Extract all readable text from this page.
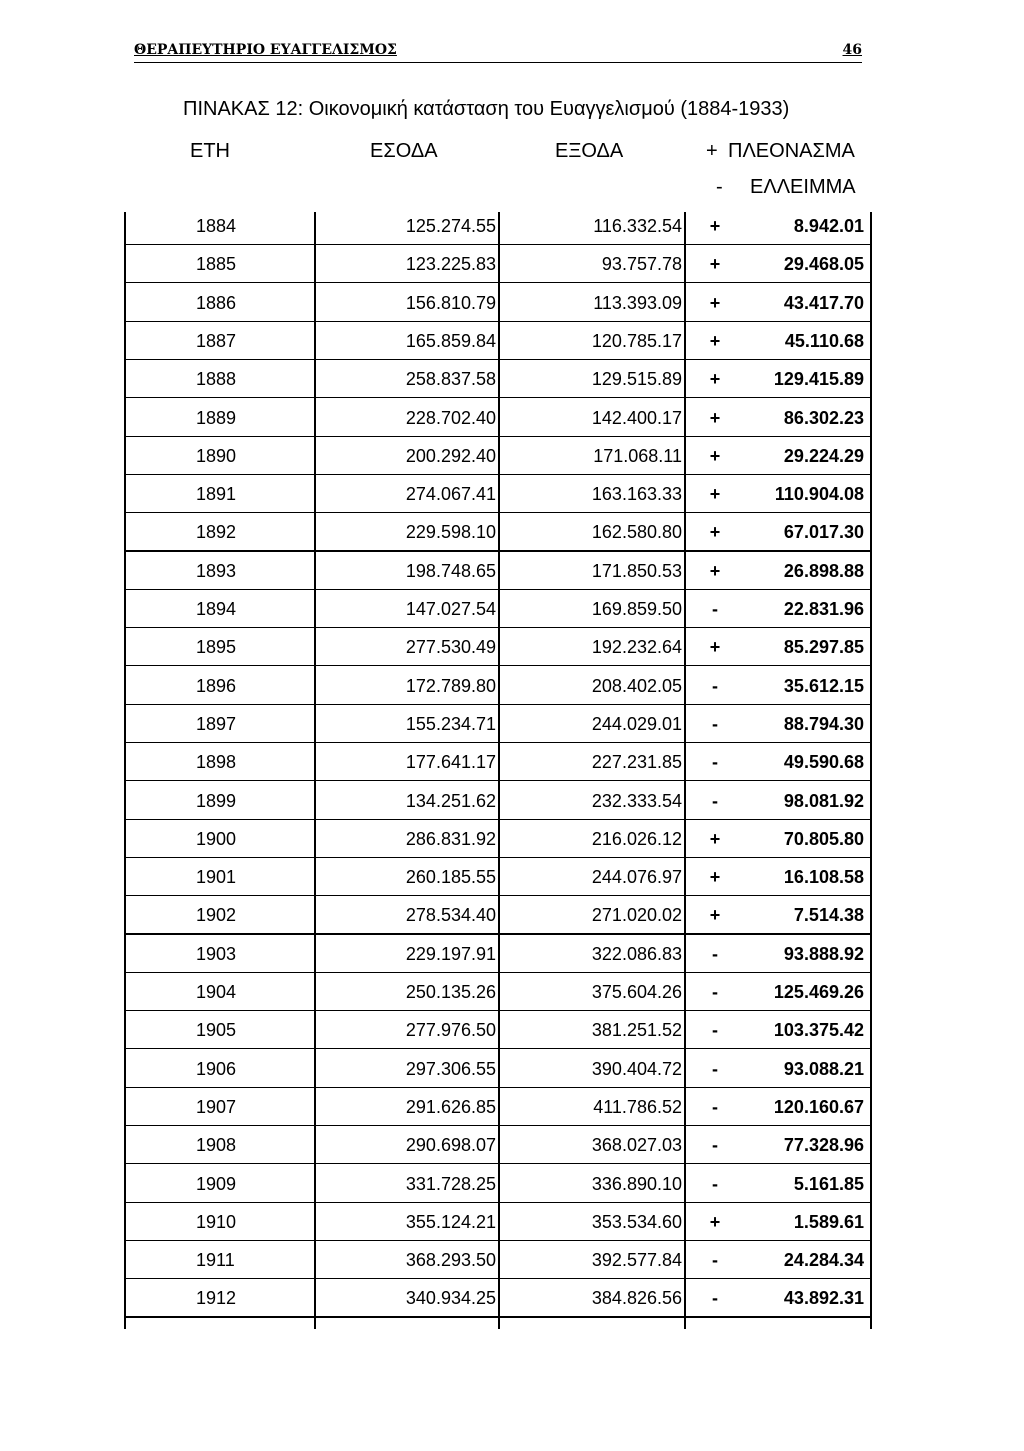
ΘΕΡΑΠΕΥΤΗΡΙΟ ΕΥΑΓΓΕΛΙΣΜΟΣ	46
ΠΙΝΑΚΑΣ 12: Οικονομική κατάσταση του Ευαγγελισμού (1884-1933)
ΕΤΗ	ΕΣΟΔΑ	ΕΞΟΔΑ	+ ΠΛΕΟΝΑΣΜΑ
- ΕΛΛΕΙΜΜΑ
1884	125.274.55	116.332.54 +	8.942.01
1885	123.225.83	93.757.78 +	29.468.05
1886	156.810.79	113.393.09 +	43.417.70
1887	165.859.84	120.785.17 +	45.110.68
1888	258.837.58	129.515.89 +	129.415.89
1889	228.702.40	142.400.17 +	86.302.23
1890	200.292.40	171.068.11 +	29.224.29
1891	274.067.41	163.163.33 +	110.904.08
1892	229.598.10	162.580.80 +	67.017.30
1893	198.748.65	171.850.53 +	26.898.88
1894	147.027.54	169.859.50 -	22.831.96
1895	277.530.49	192.232.64 +	85.297.85
1896	172.789.80	208.402.05 -	35.612.15
1897	155.234.71	244.029.01 -	88.794.30
1898	177.641.17	227.231.85 -	49.590.68
1899	134.251.62	232.333.54 -	98.081.92
1900	286.831.92	216.026.12 +	70.805.80
1901	260.185.55	244.076.97 +	16.108.58
1902	278.534.40	271.020.02 +	7.514.38
1903	229.197.91	322.086.83 -	93.888.92
1904	250.135.26	375.604.26 -	125.469.26
1905	277.976.50	381.251.52 -	103.375.42
1906	297.306.55	390.404.72 -	93.088.21
1907	291.626.85	411.786.52 -	120.160.67
1908	290.698.07	368.027.03 -	77.328.96
1909	331.728.25	336.890.10 -	5.161.85
1910	355.124.21	353.534.60 +	1.589.61
1911	368.293.50	392.577.84 -	24.284.34
1912	340.934.25	384.826.56 -	43.892.31
